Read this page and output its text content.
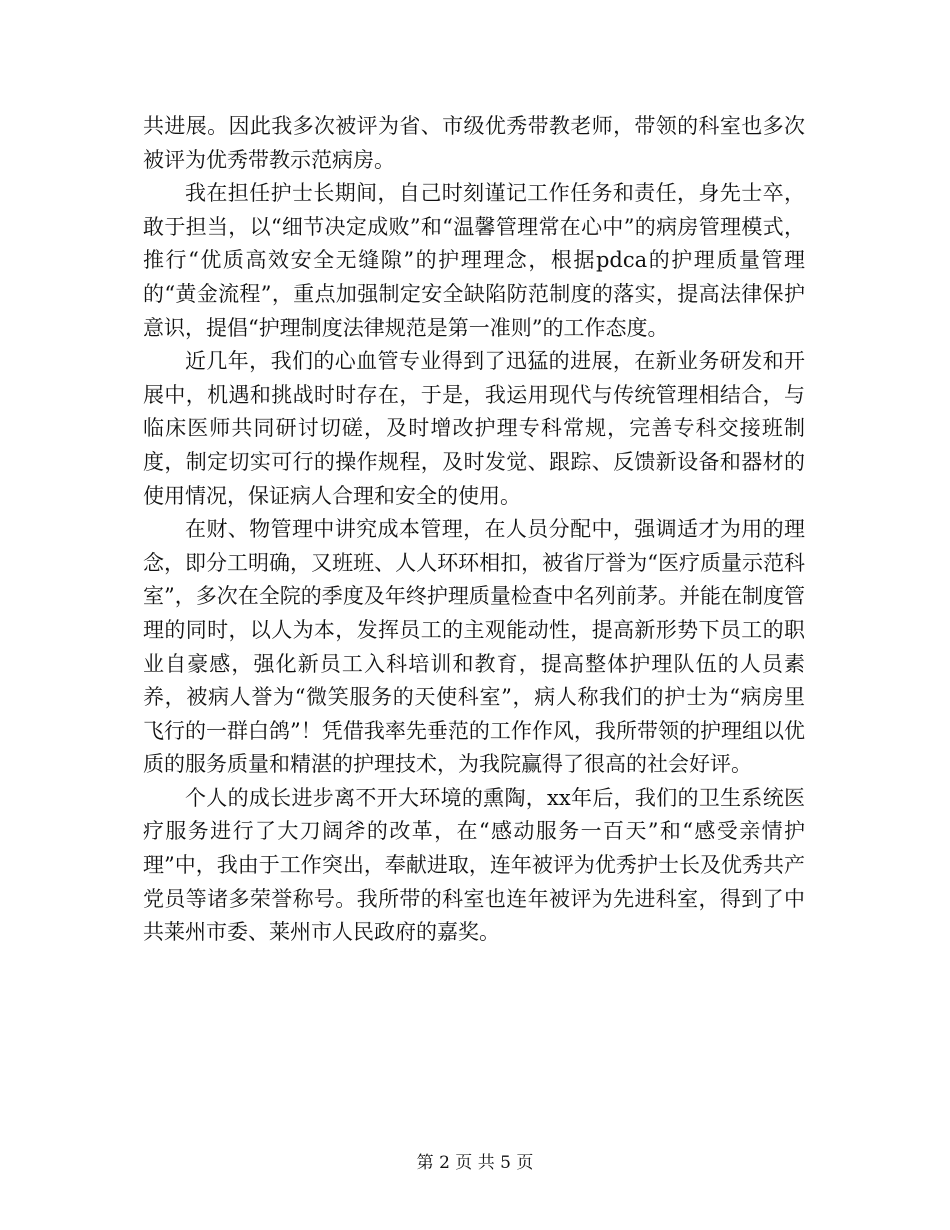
共进展。因此我多次被评为省、市级优秀带教老师，带领的科室也多次被评为优秀带教示范病房。

我在担任护士长期间，自己时刻谨记工作任务和责任，身先士卒，敢于担当，以“细节决定成败”和“温馨管理常在心中”的病房管理模式，推行“优质高效安全无缝隙”的护理理念，根据pdca的护理质量管理的“黄金流程”，重点加强制定安全缺陷防范制度的落实，提高法律保护意识，提倡“护理制度法律规范是第一准则”的工作态度。

近几年，我们的心血管专业得到了迅猛的进展，在新业务研发和开展中，机遇和挑战时时存在，于是，我运用现代与传统管理相结合，与临床医师共同研讨切磋，及时增改护理专科常规，完善专科交接班制度，制定切实可行的操作规程，及时发觉、跟踪、反馈新设备和器材的使用情况，保证病人合理和安全的使用。

在财、物管理中讲究成本管理，在人员分配中，强调适才为用的理念，即分工明确，又班班、人人环环相扣，被省厅誉为“医疗质量示范科室”，多次在全院的季度及年终护理质量检查中名列前茅。并能在制度管理的同时，以人为本，发挥员工的主观能动性，提高新形势下员工的职业自豪感，强化新员工入科培训和教育，提高整体护理队伍的人员素养，被病人誉为“微笑服务的天使科室”，病人称我们的护士为“病房里飞行的一群白鸽”！凭借我率先垂范的工作作风，我所带领的护理组以优质的服务质量和精湛的护理技术，为我院赢得了很高的社会好评。

个人的成长进步离不开大环境的熏陶，xx年后，我们的卫生系统医疗服务进行了大刀阔斧的改革，在“感动服务一百天”和“感受亲情护理”中，我由于工作突出，奉献进取，连年被评为优秀护士长及优秀共产党员等诸多荣誉称号。我所带的科室也连年被评为先进科室，得到了中共莱州市委、莱州市人民政府的嘉奖。

第 2 页 共 5 页
